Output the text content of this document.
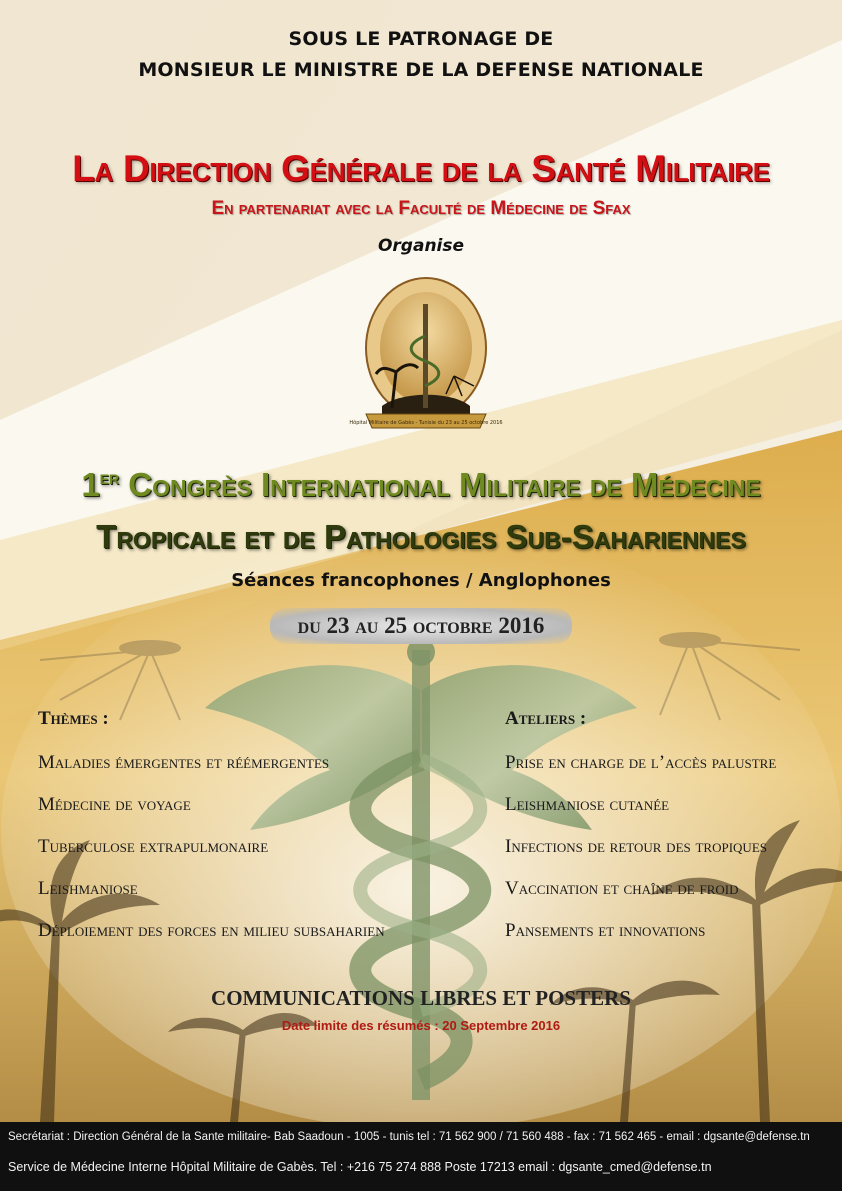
SOUS LE PATRONAGE DE
MONSIEUR LE MINISTRE DE LA DEFENSE NATIONALE
La Direction Générale de la Santé Militaire
En partenariat avec la Faculté de Médecine de Sfax
Organise
Hôpital Militaire de Gabès - Tunisie du 23 au 25 octobre 2016
1er Congrès International Militaire de Médecine
Tropicale et de Pathologies Sub-Sahariennes
Séances francophones / Anglophones
du 23 au 25 octobre 2016
Thèmes :
Maladies émergentes et réémergentes
Médecine de voyage
Tuberculose extrapulmonaire
Leishmaniose
Déploiement des forces en milieu subsaharien
Ateliers :
Prise en charge de l’accès palustre
Leishmaniose cutanée
Infections de retour des tropiques
Vaccination et chaîne de froid
Pansements et innovations
COMMUNICATIONS LIBRES ET POSTERS
Date limite des résumés : 20 Septembre 2016
Secrétariat : Direction Général de la Sante militaire- Bab Saadoun - 1005 - tunis tel : 71 562 900 / 71 560 488 - fax : 71 562 465 - email : dgsante@defense.tn
Service de Médecine Interne Hôpital Militaire de Gabès. Tel : +216 75 274 888 Poste 17213 email : dgsante_cmed@defense.tn
